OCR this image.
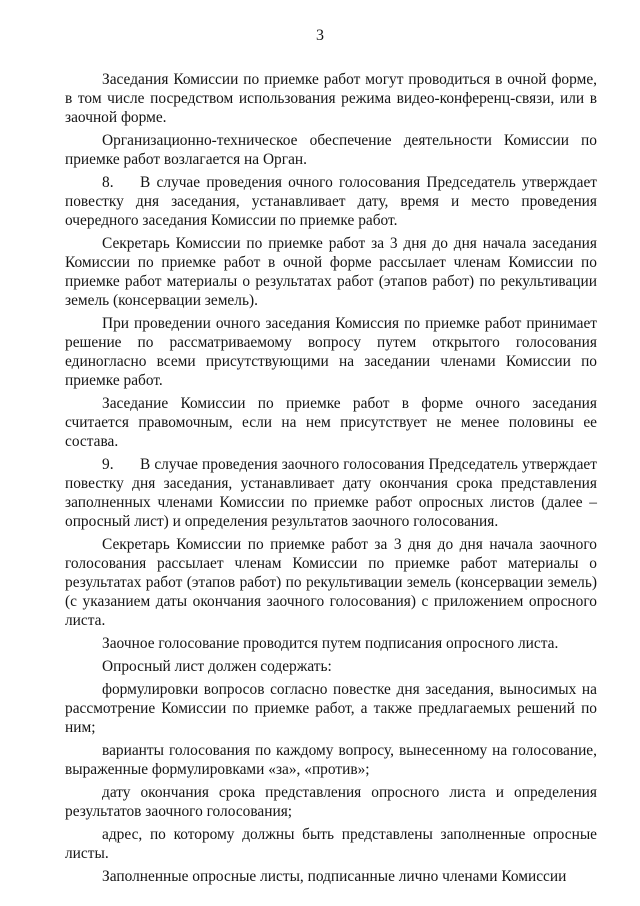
3

Заседания Комиссии по приемке работ могут проводиться в очной форме, в том числе посредством использования режима видео-конференц-связи, или в заочной форме.

Организационно-техническое обеспечение деятельности Комиссии по приемке работ возлагается на Орган.

8. В случае проведения очного голосования Председатель утверждает повестку дня заседания, устанавливает дату, время и место проведения очередного заседания Комиссии по приемке работ.

Секретарь Комиссии по приемке работ за 3 дня до дня начала заседания Комиссии по приемке работ в очной форме рассылает членам Комиссии по приемке работ материалы о результатах работ (этапов работ) по рекультивации земель (консервации земель).

При проведении очного заседания Комиссия по приемке работ принимает решение по рассматриваемому вопросу путем открытого голосования единогласно всеми присутствующими на заседании членами Комиссии по приемке работ.

Заседание Комиссии по приемке работ в форме очного заседания считается правомочным, если на нем присутствует не менее половины ее состава.

9. В случае проведения заочного голосования Председатель утверждает повестку дня заседания, устанавливает дату окончания срока представления заполненных членами Комиссии по приемке работ опросных листов (далее – опросный лист) и определения результатов заочного голосования.

Секретарь Комиссии по приемке работ за 3 дня до дня начала заочного голосования рассылает членам Комиссии по приемке работ материалы о результатах работ (этапов работ) по рекультивации земель (консервации земель) (с указанием даты окончания заочного голосования) с приложением опросного листа.

Заочное голосование проводится путем подписания опросного листа.

Опросный лист должен содержать:

формулировки вопросов согласно повестке дня заседания, выносимых на рассмотрение Комиссии по приемке работ, а также предлагаемых решений по ним;

варианты голосования по каждому вопросу, вынесенному на голосование, выраженные формулировками «за», «против»;

дату окончания срока представления опросного листа и определения результатов заочного голосования;

адрес, по которому должны быть представлены заполненные опросные листы.

Заполненные опросные листы, подписанные лично членами Комиссии
